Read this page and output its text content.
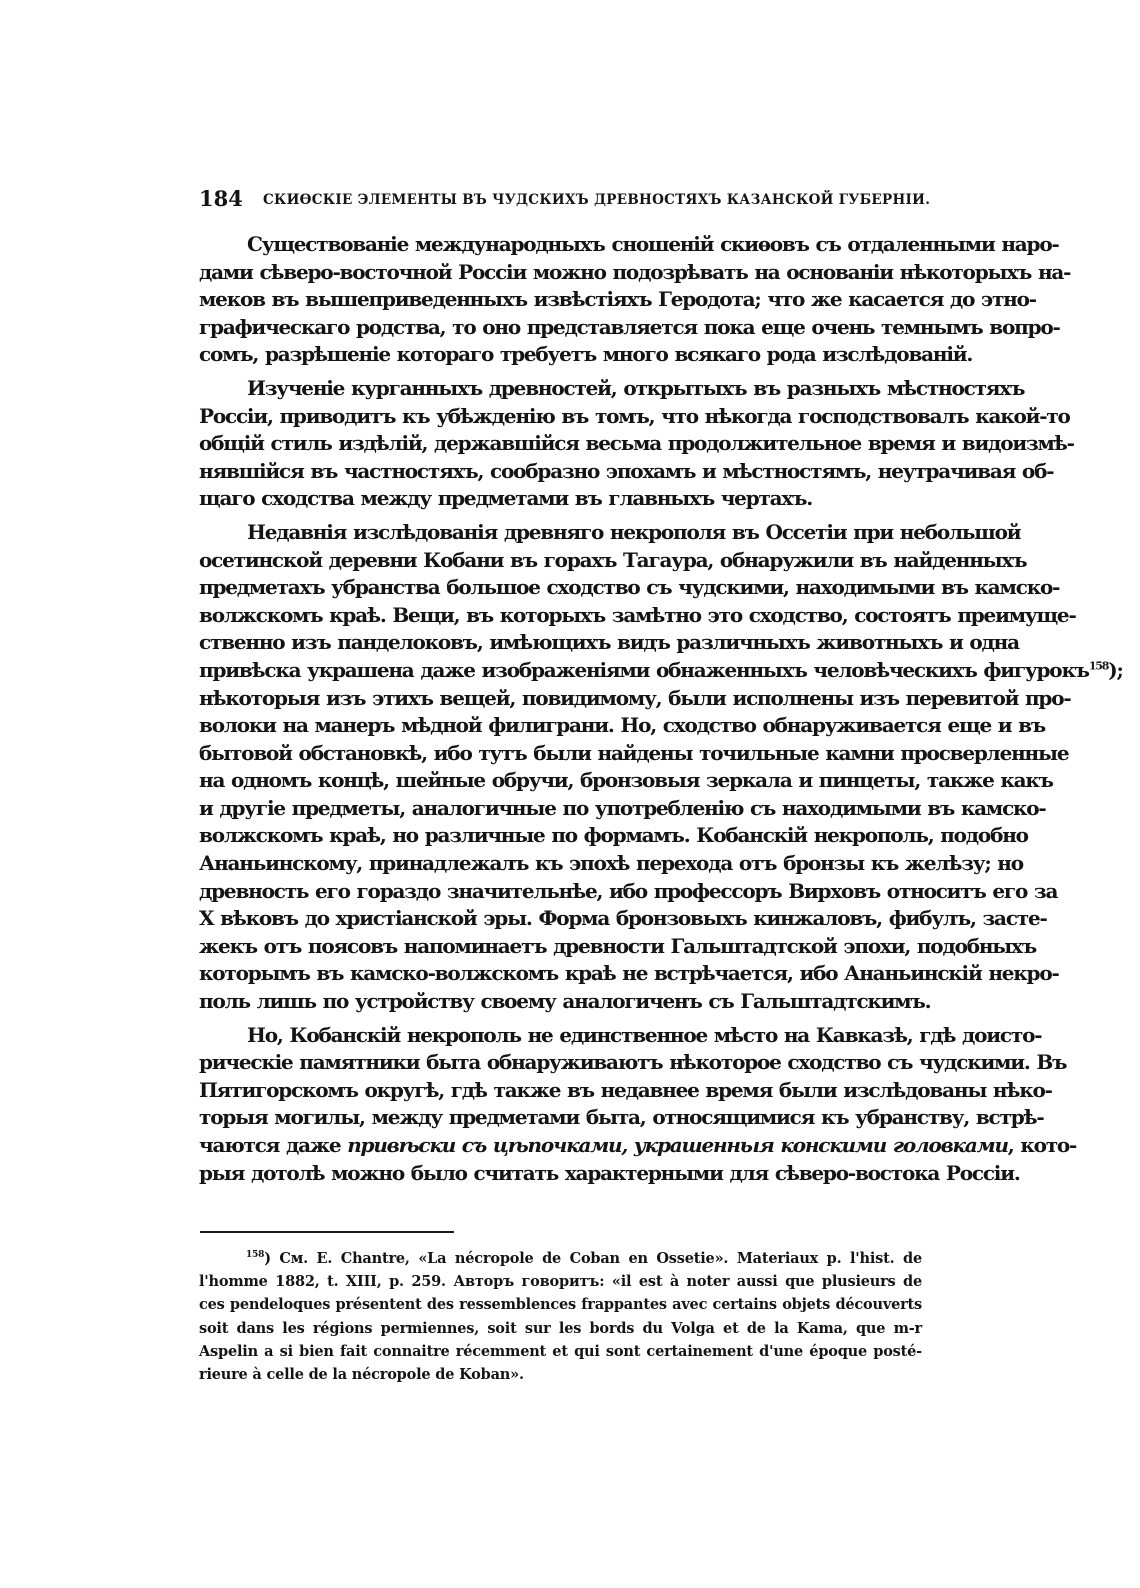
184 СКИѲСКІЕ ЭЛЕМЕНТЫ ВЪ ЧУДСКИХЪ ДРЕВНОСТЯХЪ КАЗАНСКОЙ ГУБЕРНІИ.

Существованіе международныхъ сношеній скиѳовъ съ отдаленными наро-
дами сѣверо-восточной Россіи можно подозрѣвать на основаніи нѣкоторыхъ на-
меков въ вышеприведенныхъ извѣстіяхъ Геродота; что же касается до этно-
графическаго родства, то оно представляется пока еще очень темнымъ вопро-
сомъ, разрѣшеніе котораго требуетъ много всякаго рода изслѣдованій.

Изученіе курганныхъ древностей, открытыхъ въ разныхъ мѣстностяхъ
Россіи, приводитъ къ убѣжденію въ томъ, что нѣкогда господствовалъ какой-то
общій стиль издѣлій, державшійся весьма продолжительное время и видоизмѣ-
нявшійся въ частностяхъ, сообразно эпохамъ и мѣстностямъ, неутрачивая об-
щаго сходства между предметами въ главныхъ чертахъ.

Недавнія изслѣдованія древняго некрополя въ Оссетіи при небольшой
осетинской деревни Кобани въ горахъ Тагаура, обнаружили въ найденныхъ
предметахъ убранства большое сходство съ чудскими, находимыми въ камско-
волжскомъ краѣ. Вещи, въ которыхъ замѣтно это сходство, состоятъ преимуще-
ственно изъ панделоковъ, имѣющихъ видъ различныхъ животныхъ и одна
привѣска украшена даже изображеніями обнаженныхъ человѣческихъ фигурокъ$^{158}$);
нѣкоторыя изъ этихъ вещей, повидимому, были исполнены изъ перевитой про-
волоки на манеръ мѣдной филиграни. Но, сходство обнаруживается еще и въ
бытовой обстановкѣ, ибо тутъ были найдены точильные камни просверленные
на одномъ концѣ, шейные обручи, бронзовыя зеркала и пинцеты, также какъ
и другіе предметы, аналогичные по употребленію съ находимыми въ камско-
волжскомъ краѣ, но различные по формамъ. Кобанскій некрополь, подобно
Ананьинскому, принадлежалъ къ эпохѣ перехода отъ бронзы къ желѣзу; но
древность его гораздо значительнѣе, ибо профессоръ Вирховъ относитъ его за
X вѣковъ до христіанской эры. Форма бронзовыхъ кинжаловъ, фибулъ, застe-
жекъ отъ поясовъ напоминаетъ древности Гальштадтской эпохи, подобныхъ
которымъ въ камско-волжскомъ краѣ не встрѣчается, ибо Ананьинскій некро-
поль лишь по устройству своему аналогиченъ съ Гальштадтскимъ.

Но, Кобанскій некрополь не единственное мѣсто на Кавказѣ, гдѣ доисто-
рическіе памятники быта обнаруживаютъ нѣкоторое сходство съ чудскими. Въ
Пятигорскомъ округѣ, гдѣ также въ недавнее время были изслѣдованы нѣко-
торыя могилы, между предметами быта, относящимися къ убранству, встрѣ-
чаются даже привѣски съ цѣпочками, украшенныя конскими головками, кото-
рыя дотолѣ можно было считать характерными для сѣверо-востока Россіи.

$^{158}$) См. E. Chantre, «La nécropole de Coban en Ossetie». Materiaux p. l'hist. de
l'homme 1882, t. XIII, p. 259. Авторъ говоритъ: «il est à noter aussi que plusieurs de
ces pendeloques présentent des ressemblences frappantes avec certains objets découverts
soit dans les régions permiennes, soit sur les bords du Volga et de la Kama, que m-r
Aspelin a si bien fait connaitre récemment et qui sont certainement d'une époque posté-
rieure à celle de la nécropole de Koban».
